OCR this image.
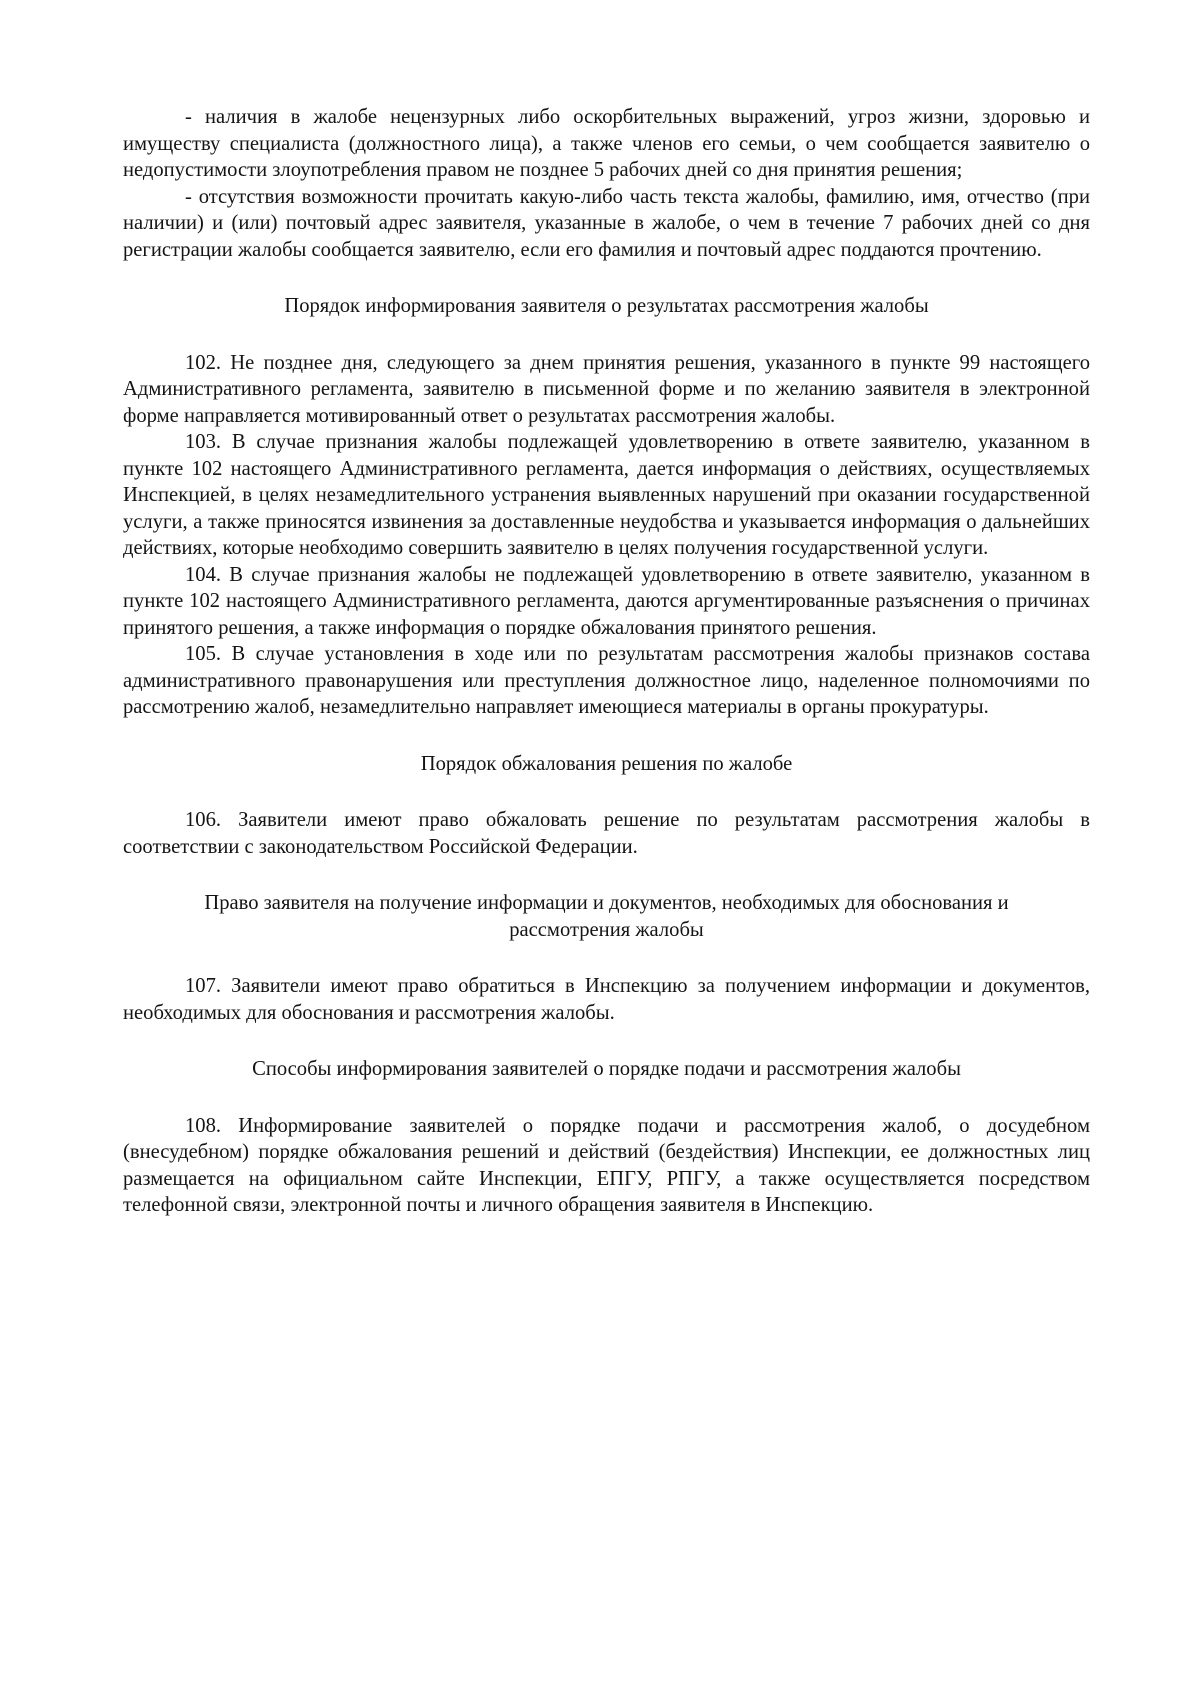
- наличия в жалобе нецензурных либо оскорбительных выражений, угроз жизни, здоровью и имуществу специалиста (должностного лица), а также членов его семьи, о чем сообщается заявителю о недопустимости злоупотребления правом не позднее 5 рабочих дней со дня принятия решения;

- отсутствия возможности прочитать какую-либо часть текста жалобы, фамилию, имя, отчество (при наличии) и (или) почтовый адрес заявителя, указанные в жалобе, о чем в течение 7 рабочих дней со дня регистрации жалобы сообщается заявителю, если его фамилия и почтовый адрес поддаются прочтению.

Порядок информирования заявителя о результатах рассмотрения жалобы

102. Не позднее дня, следующего за днем принятия решения, указанного в пункте 99 настоящего Административного регламента, заявителю в письменной форме и по желанию заявителя в электронной форме направляется мотивированный ответ о результатах рассмотрения жалобы.

103. В случае признания жалобы подлежащей удовлетворению в ответе заявителю, указанном в пункте 102 настоящего Административного регламента, дается информация о действиях, осуществляемых Инспекцией, в целях незамедлительного устранения выявленных нарушений при оказании государственной услуги, а также приносятся извинения за доставленные неудобства и указывается информация о дальнейших действиях, которые необходимо совершить заявителю в целях получения государственной услуги.

104. В случае признания жалобы не подлежащей удовлетворению в ответе заявителю, указанном в пункте 102 настоящего Административного регламента, даются аргументированные разъяснения о причинах принятого решения, а также информация о порядке обжалования принятого решения.

105. В случае установления в ходе или по результатам рассмотрения жалобы признаков состава административного правонарушения или преступления должностное лицо, наделенное полномочиями по рассмотрению жалоб, незамедлительно направляет имеющиеся материалы в органы прокуратуры.

Порядок обжалования решения по жалобе

106. Заявители имеют право обжаловать решение по результатам рассмотрения жалобы в соответствии с законодательством Российской Федерации.

Право заявителя на получение информации и документов, необходимых для обоснования и

рассмотрения жалобы

107. Заявители имеют право обратиться в Инспекцию за получением информации и документов, необходимых для обоснования и рассмотрения жалобы.

Способы информирования заявителей о порядке подачи и рассмотрения жалобы

108. Информирование заявителей о порядке подачи и рассмотрения жалоб, о досудебном (внесудебном) порядке обжалования решений и действий (бездействия) Инспекции, ее должностных лиц размещается на официальном сайте Инспекции, ЕПГУ, РПГУ, а также осуществляется посредством телефонной связи, электронной почты и личного обращения заявителя в Инспекцию.
